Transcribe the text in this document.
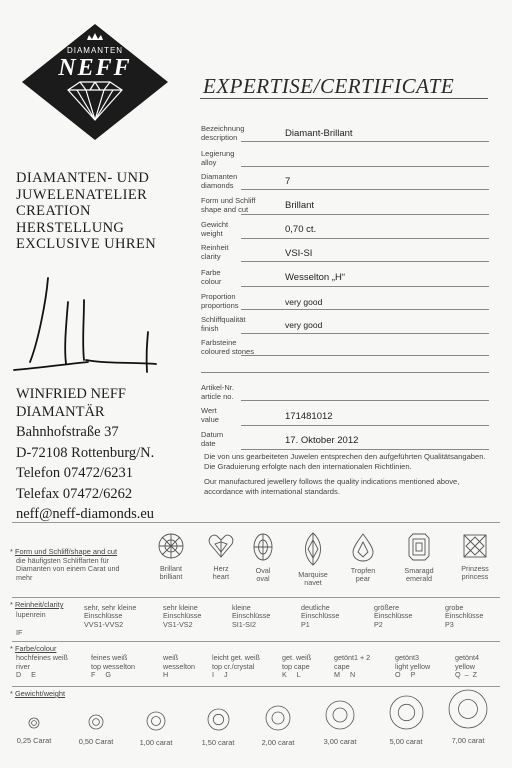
DIAMANTEN
NEFF
EXPERTISE/CERTIFICATE
Bezeichnung
description	Diamant-Brillant
Legierung
alloy
Diamanten
diamonds	7
Form und Schliff
shape and cut	Brillant
Gewicht
weight	0,70 ct.
Reinheit
clarity	VSI-SI
Farbe
colour	Wesselton „H“
Proportion
proportions	very good
Schliffqualität
finish	very good
Farbsteine
coloured stones
Artikel-Nr.
article no.
Wert
value	171481012
Datum
date	17. Oktober 2012
DIAMANTEN- UND
JUWELENATELIER
CREATION
HERSTELLUNG
EXCLUSIVE UHREN
WINFRIED NEFF
DIAMANTÄR
Bahnhofstraße 37
D-72108 Rottenburg/N.
Telefon 07472/6231
Telefax 07472/6262
neff@neff-diamonds.eu

Die von uns gearbeiteten Juwelen entsprechen den aufgeführten Qualitätsangaben. Die Graduierung erfolgte nach den internationalen Richtlinien.

Our manufactured jewellery follows the quality indications mentioned above, accordance with international standards.

* Form und Schliff/shape and cut
die häufigsten Schliffarten für Diamanten von einem Carat und mehr
Brillant
brilliant
Herz
heart
Oval
oval	Marquise
navet
Tropfen
pear
Smaragd
emerald
Prinzess
princess
* Reinheit/clarity
lupenrein
IF
sehr, sehr kleine Einschlüsse
VVS1-VVS2
sehr kleine Einschlüsse
VS1-VS2
kleine Einschlüsse
SI1-SI2
deutliche Einschlüsse
P1
größere Einschlüsse
P2
grobe Einschlüsse
P3
* Farbe/colour
hochfeines weiß
river
D     E
feines weiß
top wesselton
F     G
weiß
wesselton
H
leicht get. weiß
top cr./crystal
I     J
get. weiß
top cape
K     L
getönt1 + 2
cape
M     N
getönt3
light yellow
O     P
getönt4
yellow
Q  –  Z
* Gewicht/weight
0,25 Carat	0,50 Carat	1,00 carat	1,50 carat	2,00 carat	3,00 carat	5,00 carat	7,00 carat
